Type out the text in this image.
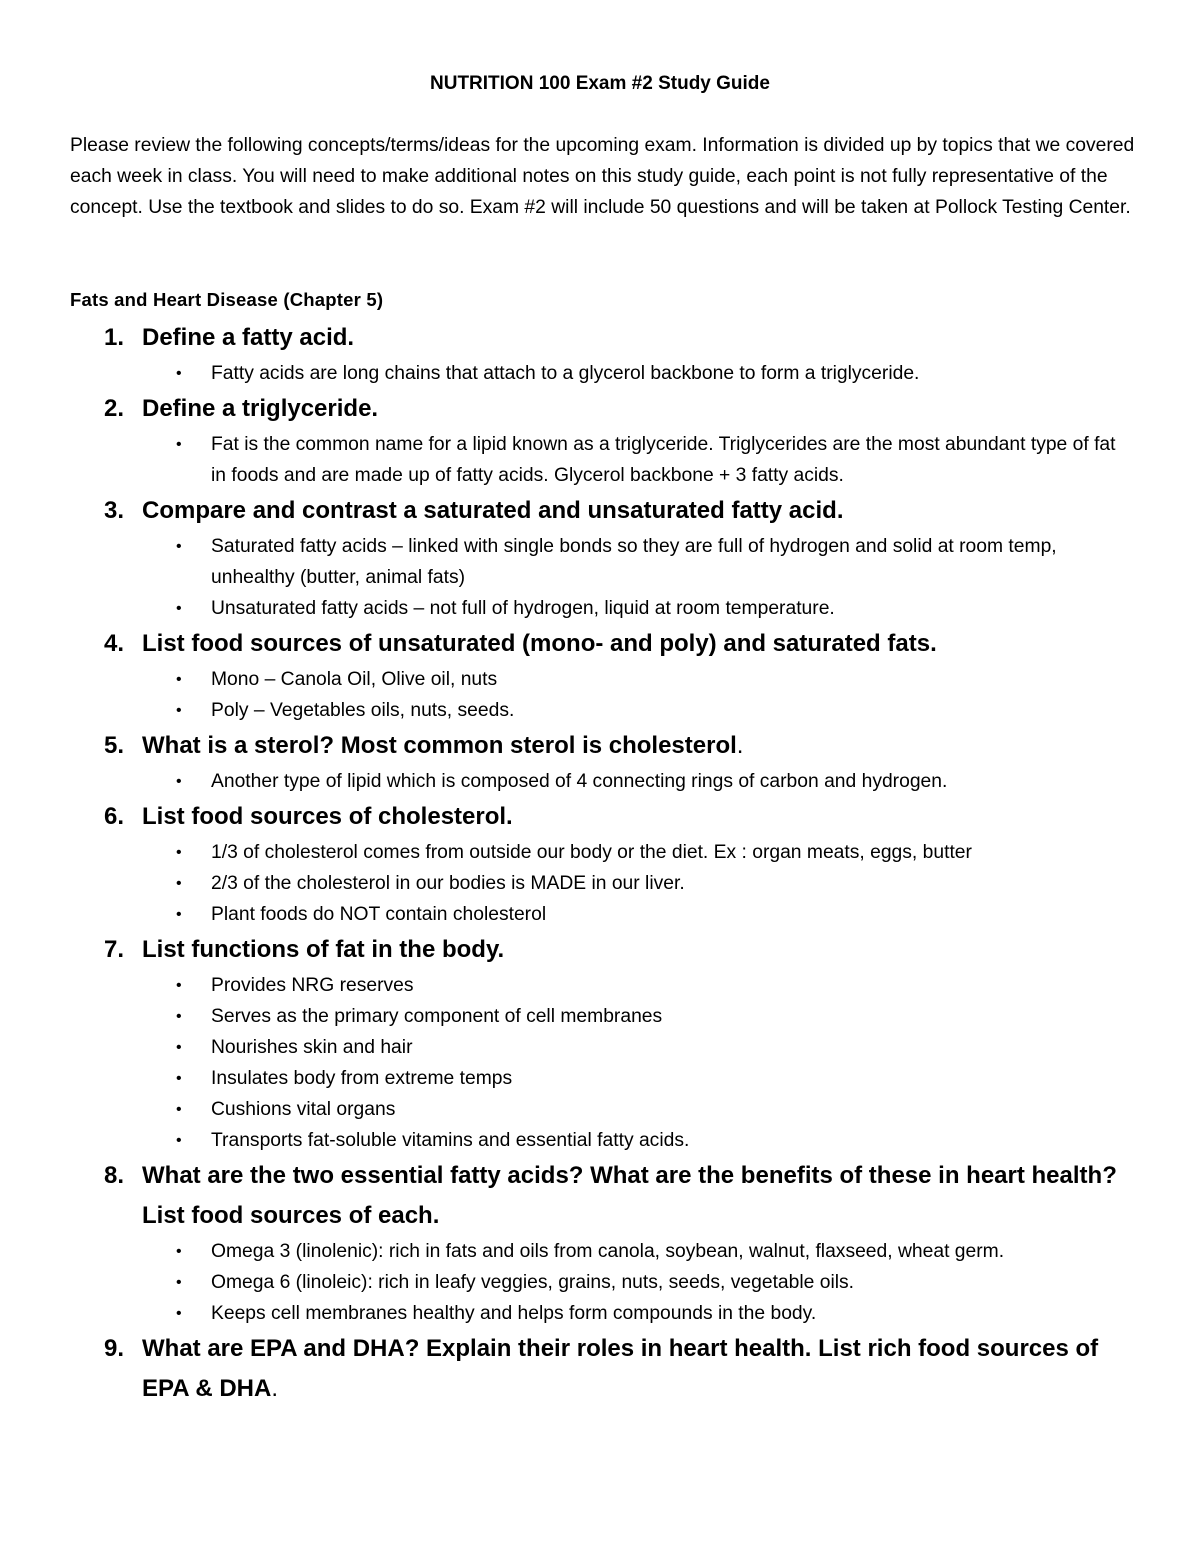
NUTRITION 100 Exam #2 Study Guide
Please review the following concepts/terms/ideas for the upcoming exam. Information is divided up by topics that we covered each week in class. You will need to make additional notes on this study guide, each point is not fully representative of the concept. Use the textbook and slides to do so. Exam #2 will include 50 questions and will be taken at Pollock Testing Center.
Fats and Heart Disease (Chapter 5)
1. Define a fatty acid.
• Fatty acids are long chains that attach to a glycerol backbone to form a triglyceride.
2. Define a triglyceride.
• Fat is the common name for a lipid known as a triglyceride. Triglycerides are the most abundant type of fat in foods and are made up of fatty acids. Glycerol backbone + 3 fatty acids.
3. Compare and contrast a saturated and unsaturated fatty acid.
• Saturated fatty acids – linked with single bonds so they are full of hydrogen and solid at room temp, unhealthy (butter, animal fats)
• Unsaturated fatty acids – not full of hydrogen, liquid at room temperature.
4. List food sources of unsaturated (mono- and poly) and saturated fats.
• Mono – Canola Oil, Olive oil, nuts
• Poly – Vegetables oils, nuts, seeds.
5. What is a sterol? Most common sterol is cholesterol.
• Another type of lipid which is composed of 4 connecting rings of carbon and hydrogen.
6. List food sources of cholesterol.
• 1/3 of cholesterol comes from outside our body or the diet. Ex : organ meats, eggs, butter
• 2/3 of the cholesterol in our bodies is MADE in our liver.
• Plant foods do NOT contain cholesterol
7. List functions of fat in the body.
• Provides NRG reserves
• Serves as the primary component of cell membranes
• Nourishes skin and hair
• Insulates body from extreme temps
• Cushions vital organs
• Transports fat-soluble vitamins and essential fatty acids.
8. What are the two essential fatty acids? What are the benefits of these in heart health? List food sources of each.
• Omega 3 (linolenic): rich in fats and oils from canola, soybean, walnut, flaxseed, wheat germ.
• Omega 6 (linoleic): rich in leafy veggies, grains, nuts, seeds, vegetable oils.
• Keeps cell membranes healthy and helps form compounds in the body.
9. What are EPA and DHA? Explain their roles in heart health. List rich food sources of EPA & DHA.
